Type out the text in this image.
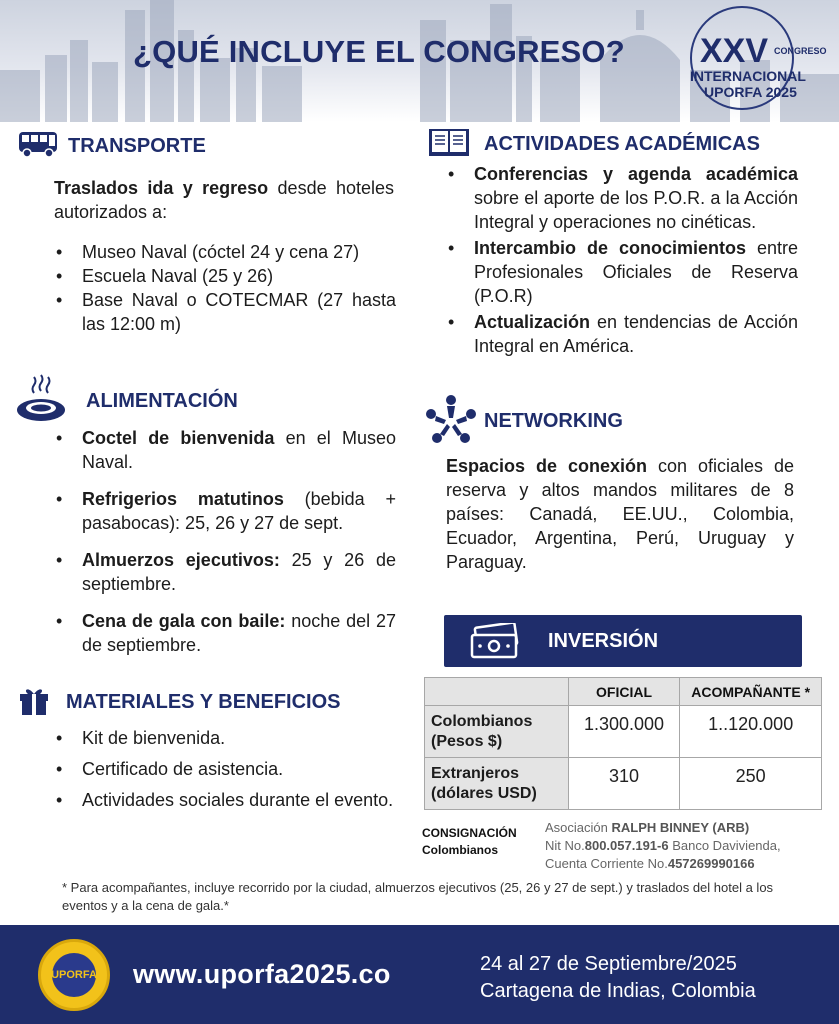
¿QUÉ INCLUYE EL CONGRESO? XXV CONGRESO
INTERNACIONAL
UPORFA 2025
TRANSPORTE

Traslados ida y regreso desde hoteles autorizados a:

• Museo Naval (cóctel 24 y cena 27)
• Escuela Naval (25 y 26)
• Base Naval o COTECMAR (27 hasta las 12:00 m)
ALIMENTACIÓN
• Coctel de bienvenida en el Museo Naval.
• Refrigerios matutinos (bebida + pasabocas): 25, 26 y 27 de sept.
• Almuerzos ejecutivos: 25 y 26 de septiembre.
• Cena de gala con baile: noche del 27 de septiembre.
MATERIALES Y BENEFICIOS
• Kit de bienvenida.
• Certificado de asistencia.
• Actividades sociales durante el evento.
ACTIVIDADES ACADÉMICAS
• Conferencias y agenda académica sobre el aporte de los P.O.R. a la Acción Integral y operaciones no cinéticas.
• Intercambio de conocimientos entre Profesionales Oficiales de Reserva (P.O.R)
• Actualización en tendencias de Acción Integral en América.
NETWORKING

Espacios de conexión con oficiales de reserva y altos mandos militares de 8 países: Canadá, EE.UU., Colombia, Ecuador, Argentina, Perú, Uruguay y Paraguay.

INVERSIÓN
	OFICIAL	ACOMPAÑANTE *
Colombianos (Pesos $)	1.300.000	1..120.000
Extranjeros (dólares USD)	310	250
CONSIGNACIÓN
Colombianos
Asociación RALPH BINNEY (ARB)
Nit No.800.057.191-6 Banco Davivienda,
Cuenta Corriente No.457269990166

* Para acompañantes, incluye recorrido por la ciudad, almuerzos ejecutivos (25, 26 y 27 de sept.) y traslados del hotel a los eventos y a la cena de gala.*

UPORFA	www.uporfa2025.co	24 al 27 de Septiembre/2025
Cartagena de Indias, Colombia
